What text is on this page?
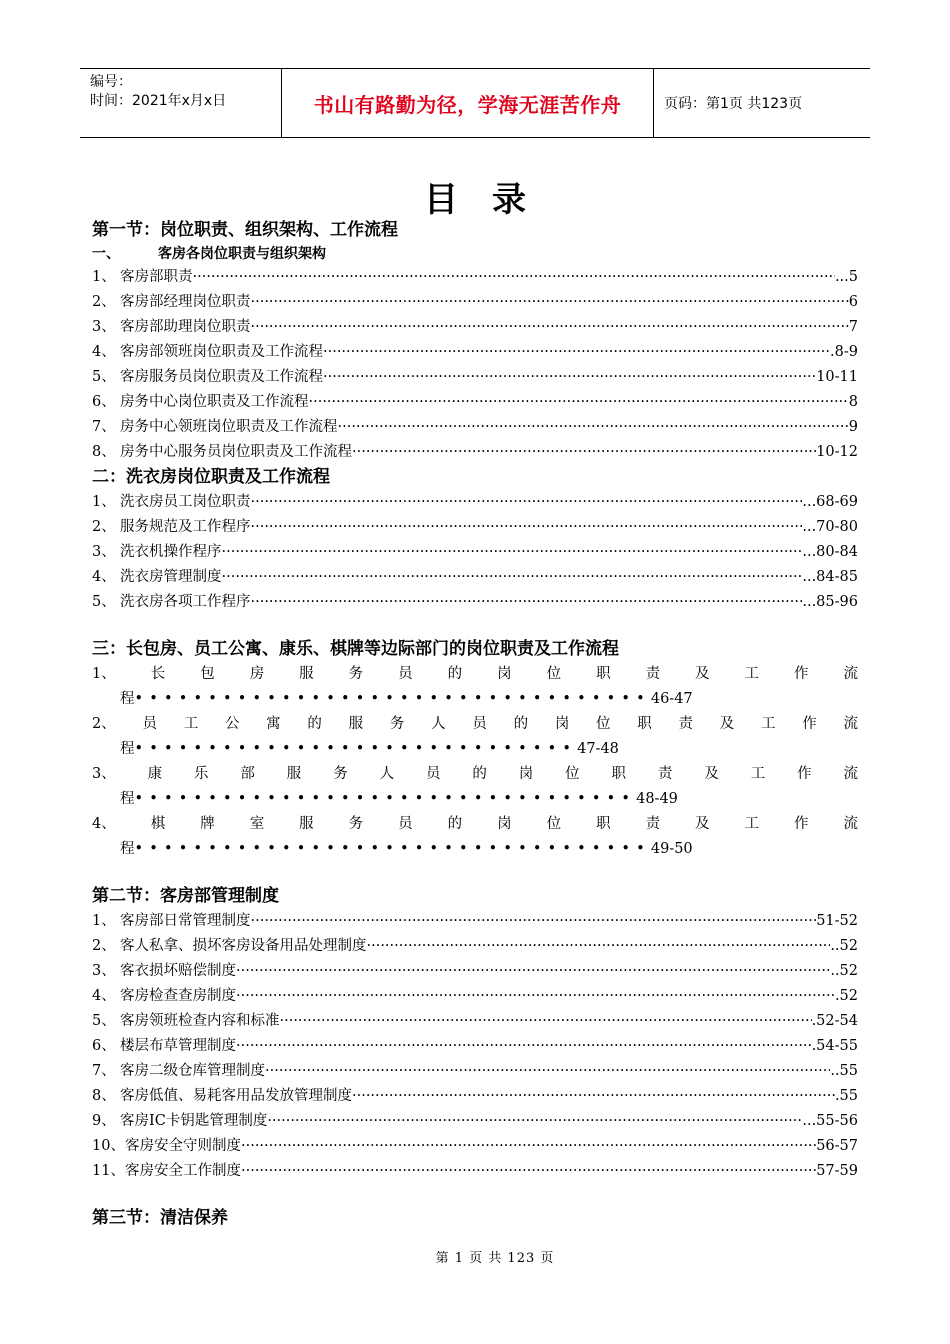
编号：
时间：2021年x月x日	书山有路勤为径，学海无涯苦作舟	页码：第1页 共123页
目录
第一节：岗位职责、组织架构、工作流程
一、	客房各岗位职责与组织架构
1、 客房部职责 ·····	...5
2、 客房部经理岗位职责 ·····	6
3、 客房部助理岗位职责 ·····	7
4、 客房部领班岗位职责及工作流程 ·····	.8-9
5、 客房服务员岗位职责及工作流程 ·····	10-11
6、 房务中心岗位职责及工作流程 ·····	8
7、 房务中心领班岗位职责及工作流程 ·····	9
8、 房务中心服务员岗位职责及工作流程 ·····	10-12
二：洗衣房岗位职责及工作流程
1、 洗衣房员工岗位职责 ·····	...68-69
2、 服务规范及工作程序 ·····	...70-80
3、 洗衣机操作程序 ·····	...80-84
4、 洗衣房管理制度 ·····	...84-85
5、 洗衣房各项工作程序 ·····	...85-96
三：长包房、员工公寓、康乐、棋牌等边际部门的岗位职责及工作流程
1、 长 包 房 服 务 员 的 岗 位 职 责 及 工 作 流
程 ••••••••••••••••••••••••••••••••••• 46-47
2、 员 工 公 寓 的 服 务 人 员 的 岗 位 职 责 及 工 作 流
程 •••••••••••••••••••••••••••••• 47-48
3、 康 乐 部 服 务 人 员 的 岗 位 职 责 及 工 作 流
程 •••••••••••••••••••••••••••••••••• 48-49
4、 棋 牌 室 服 务 员 的 岗 位 职 责 及 工 作 流
程 ••••••••••••••••••••••••••••••••••• 49-50
第二节：客房部管理制度
1、 客房部日常管理制度 ·····	51-52
2、 客人私拿、损坏客房设备用品处理制度 ·····	..52
3、 客衣损坏赔偿制度 ·····	..52
4、 客房检查查房制度 ·····	.52
5、 客房领班检查内容和标准 ·····	.52-54
6、 楼层布草管理制度 ·····	.54-55
7、 客房二级仓库管理制度 ·····	..55
8、 客房低值、易耗客用品发放管理制度 ·····	.55
9、 客房IC卡钥匙管理制度 ·····	...55-56
10、 客房安全守则制度 ·····	56-57
11、 客房安全工作制度 ·····	57-59
第三节：清洁保养
第 1 页 共 123 页
